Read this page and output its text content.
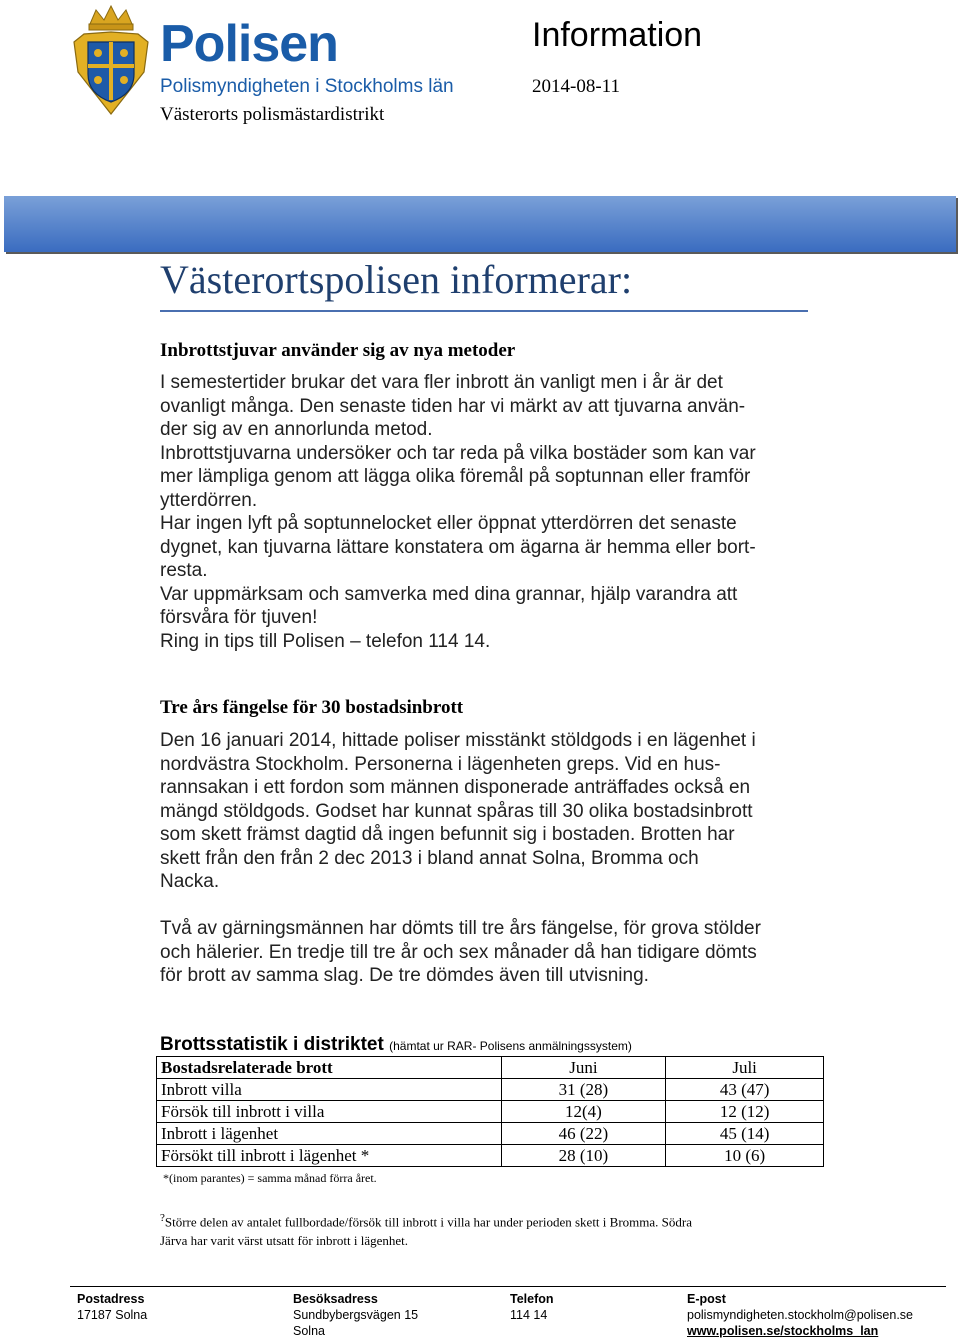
Polisen
Polismyndigheten i Stockholms län
Västerorts polismästardistrikt
Information
2014-08-11
Västerortspolisen informerar:
Inbrottstjuvar använder sig av nya metoder

I semestertider brukar det vara fler inbrott än vanligt men i år är det

ovanligt många. Den senaste tiden har vi märkt av att tjuvarna använ-

der sig av en annorlunda metod.

Inbrottstjuvarna undersöker och tar reda på vilka bostäder som kan var

mer lämpliga genom att lägga olika föremål på soptunnan eller framför

ytterdörren.

Har ingen lyft på soptunnelocket eller öppnat ytterdörren det senaste

dygnet, kan tjuvarna lättare konstatera om ägarna är hemma eller bort-

resta.

Var uppmärksam och samverka med dina grannar, hjälp varandra att

försvåra för tjuven!

Ring in tips till Polisen – telefon 114 14.

Tre års fängelse för 30 bostadsinbrott

Den 16 januari 2014, hittade poliser misstänkt stöldgods i en lägenhet i

nordvästra Stockholm. Personerna i lägenheten greps. Vid en hus-

rannsakan i ett fordon som männen disponerade anträffades också en

mängd stöldgods. Godset har kunnat spåras till 30 olika bostadsinbrott

som skett främst dagtid då ingen befunnit sig i bostaden. Brotten har

skett från den från 2 dec 2013 i bland annat Solna, Bromma och

Nacka.

Två av gärningsmännen har dömts till tre års fängelse, för grova stölder

och hälerier. En tredje till tre år och sex månader då han tidigare dömts

för brott av samma slag. De tre dömdes även till utvisning.

Brottsstatistik i distriktet (hämtat ur RAR- Polisens anmälningssystem)
Bostadsrelaterade brott	Juni	Juli
Inbrott villa	31 (28)	43 (47)
Försök till inbrott i villa	12(4)	12 (12)
Inbrott i lägenhet	46 (22)	45 (14)
Försökt till inbrott i lägenhet *	28 (10)	10 (6)
*(inom parantes) = samma månad förra året.
?Större delen av antalet fullbordade/försök till inbrott i villa har under perioden skett i Bromma. Södra
Järva har varit värst utsatt för inbrott i lägenhet.
Postadress
17187 Solna
Besöksadress
Sundbybergsvägen 15
Solna
Telefon
114 14
E-post
polismyndigheten.stockholm@polisen.se
www.polisen.se/stockholms_lan
